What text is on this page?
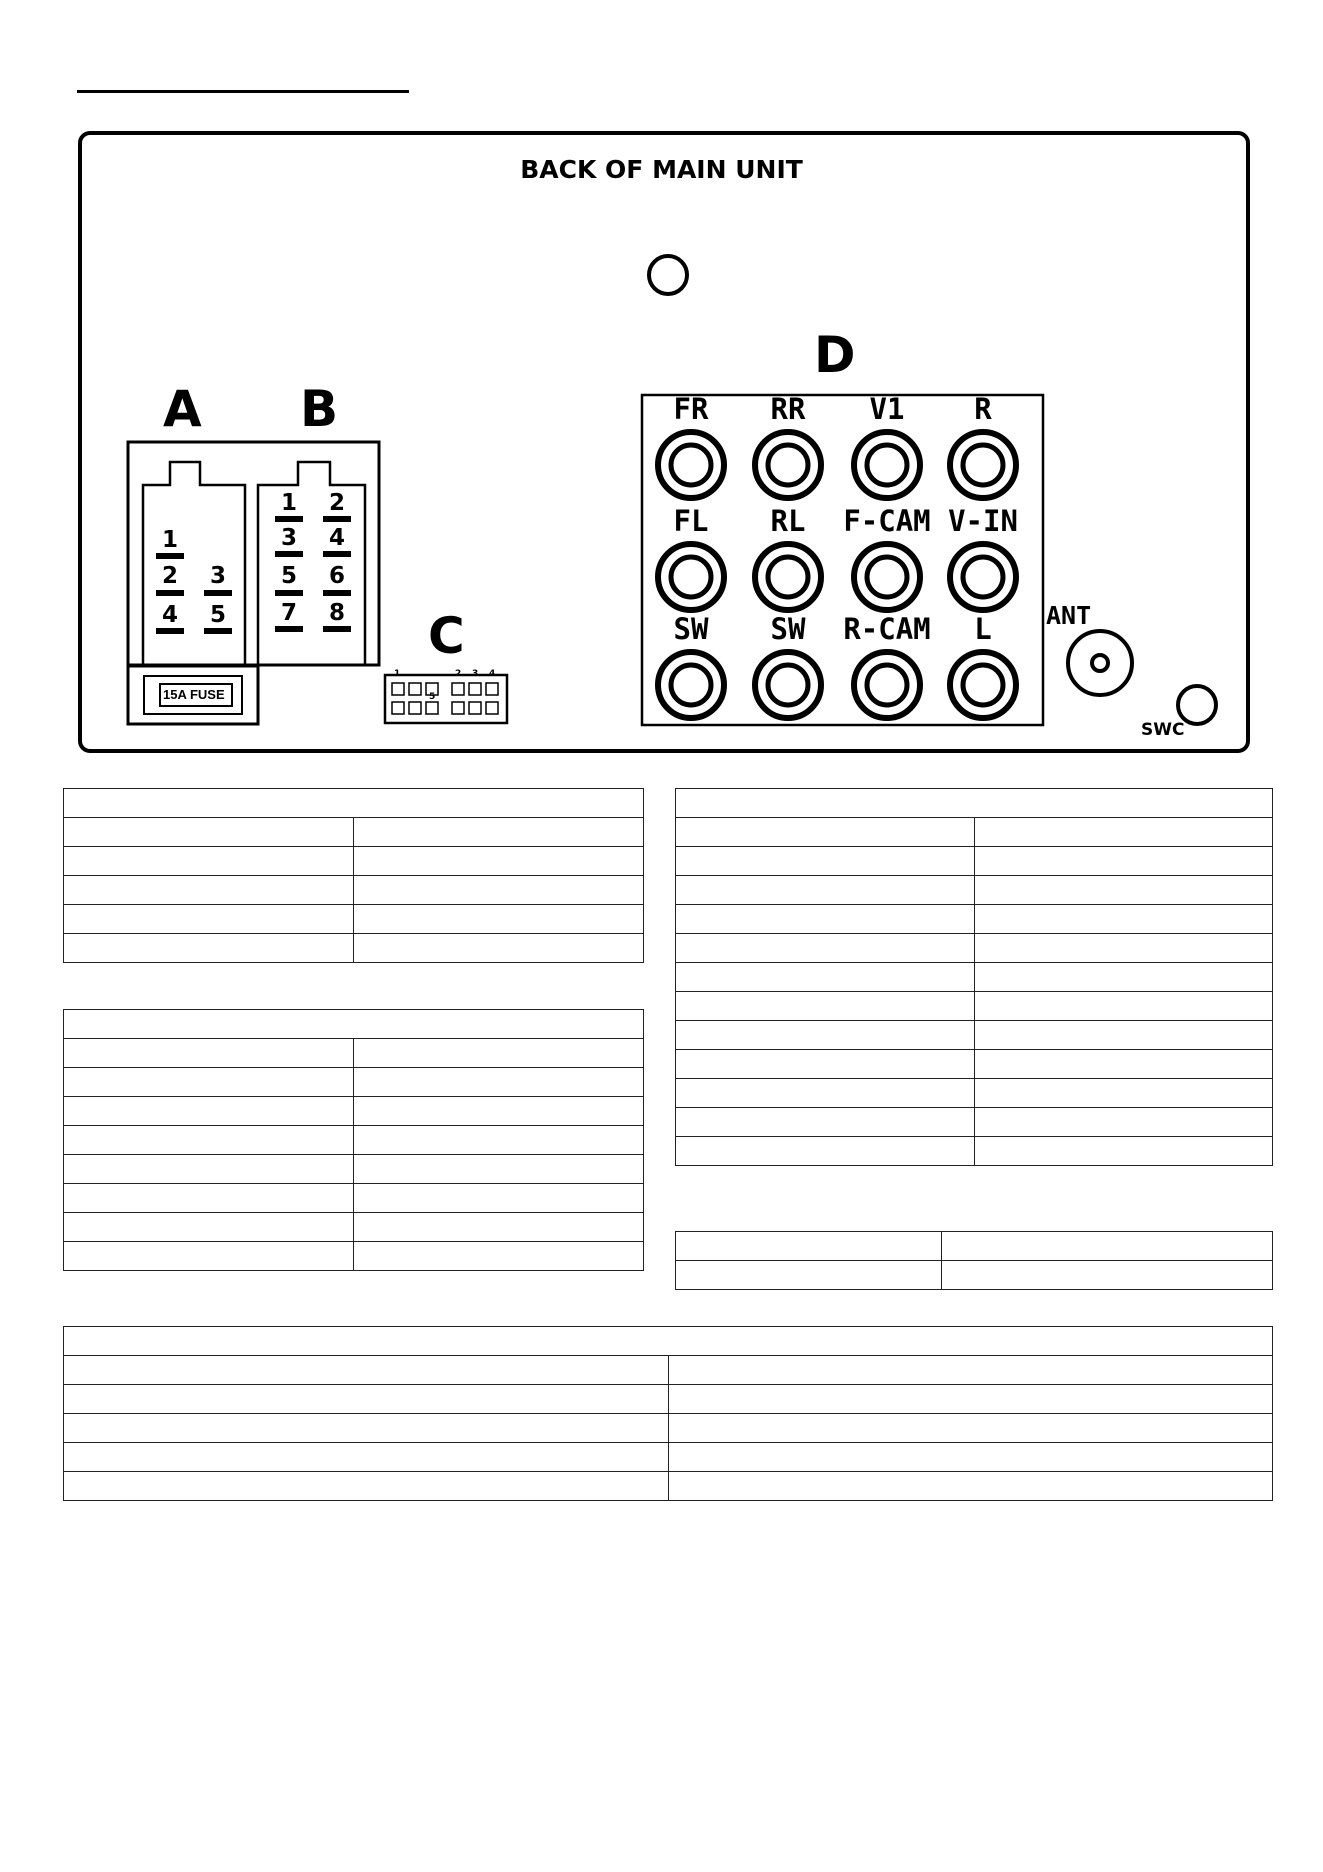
BACK OF MAIN UNIT
A B
C
D
1
2 3
4 5
15A FUSE
1 2
3 4
5 6
7 8
1	2 3 4
5
FR	RR	V1	R
FL	RL	F-CAM V-IN
SW	SW	R-CAM	L	ANT
SWC
